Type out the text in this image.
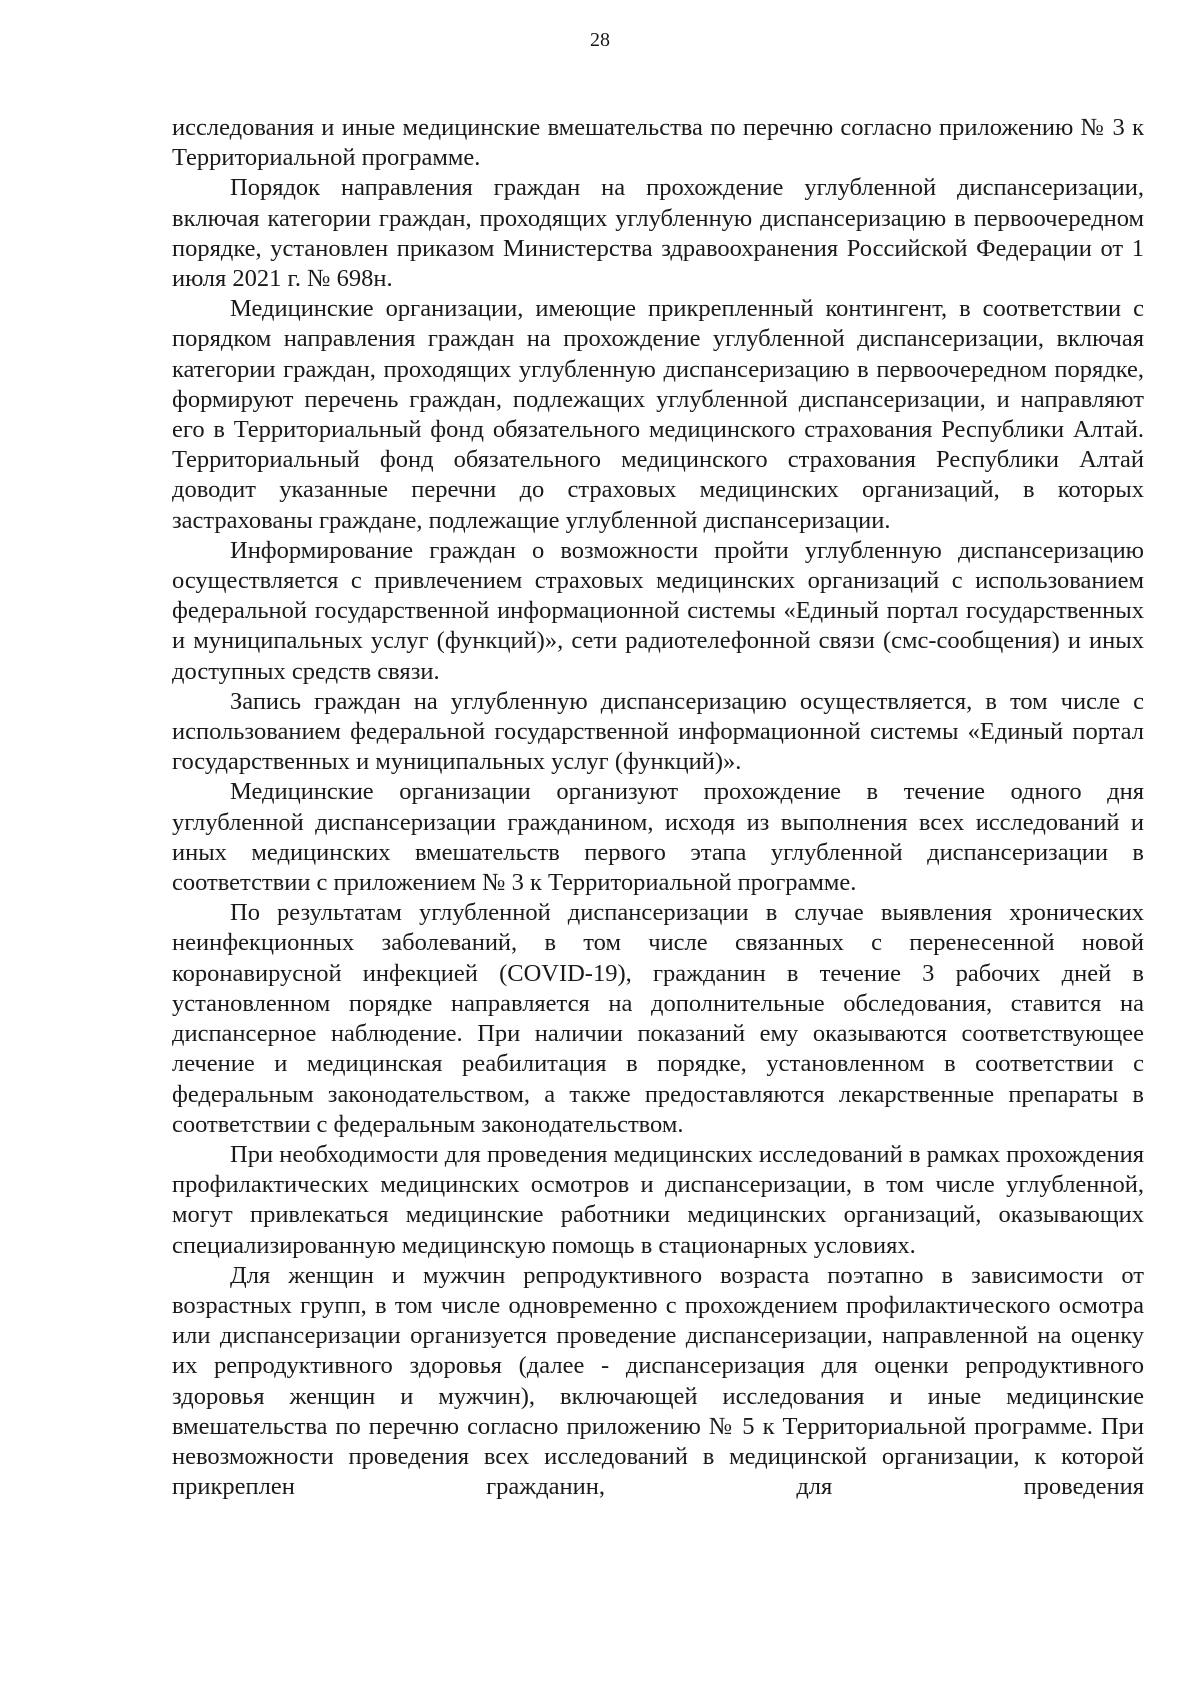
28

исследования и иные медицинские вмешательства по перечню согласно приложению № 3 к Территориальной программе.

Порядок направления граждан на прохождение углубленной диспансеризации, включая категории граждан, проходящих углубленную диспансеризацию в первоочередном порядке, установлен приказом Министерства здравоохранения Российской Федерации от 1 июля 2021 г. № 698н.

Медицинские организации, имеющие прикрепленный контингент, в соответствии с порядком направления граждан на прохождение углубленной диспансеризации, включая категории граждан, проходящих углубленную диспансеризацию в первоочередном порядке, формируют перечень граждан, подлежащих углубленной диспансеризации, и направляют его в Территориальный фонд обязательного медицинского страхования Республики Алтай. Территориальный фонд обязательного медицинского страхования Республики Алтай доводит указанные перечни до страховых медицинских организаций, в которых застрахованы граждане, подлежащие углубленной диспансеризации.

Информирование граждан о возможности пройти углубленную диспансеризацию осуществляется с привлечением страховых медицинских организаций с использованием федеральной государственной информационной системы «Единый портал государственных и муниципальных услуг (функций)», сети радиотелефонной связи (смс-сообщения) и иных доступных средств связи.

Запись граждан на углубленную диспансеризацию осуществляется, в том числе с использованием федеральной государственной информационной системы «Единый портал государственных и муниципальных услуг (функций)».

Медицинские организации организуют прохождение в течение одного дня углубленной диспансеризации гражданином, исходя из выполнения всех исследований и иных медицинских вмешательств первого этапа углубленной диспансеризации в соответствии с приложением № 3 к Территориальной программе.

По результатам углубленной диспансеризации в случае выявления хронических неинфекционных заболеваний, в том числе связанных с перенесенной новой коронавирусной инфекцией (COVID-19), гражданин в течение 3 рабочих дней в установленном порядке направляется на дополнительные обследования, ставится на диспансерное наблюдение. При наличии показаний ему оказываются соответствующее лечение и медицинская реабилитация в порядке, установленном в соответствии с федеральным законодательством, а также предоставляются лекарственные препараты в соответствии с федеральным законодательством.

При необходимости для проведения медицинских исследований в рамках прохождения профилактических медицинских осмотров и диспансеризации, в том числе углубленной, могут привлекаться медицинские работники медицинских организаций, оказывающих специализированную медицинскую помощь в стационарных условиях.

Для женщин и мужчин репродуктивного возраста поэтапно в зависимости от возрастных групп, в том числе одновременно с прохождением профилактического осмотра или диспансеризации организуется проведение диспансеризации, направленной на оценку их репродуктивного здоровья (далее - диспансеризация для оценки репродуктивного здоровья женщин и мужчин), включающей исследования и иные медицинские вмешательства по перечню согласно приложению № 5 к Территориальной программе. При невозможности проведения всех исследований в медицинской организации, к которой прикреплен гражданин, для проведения
